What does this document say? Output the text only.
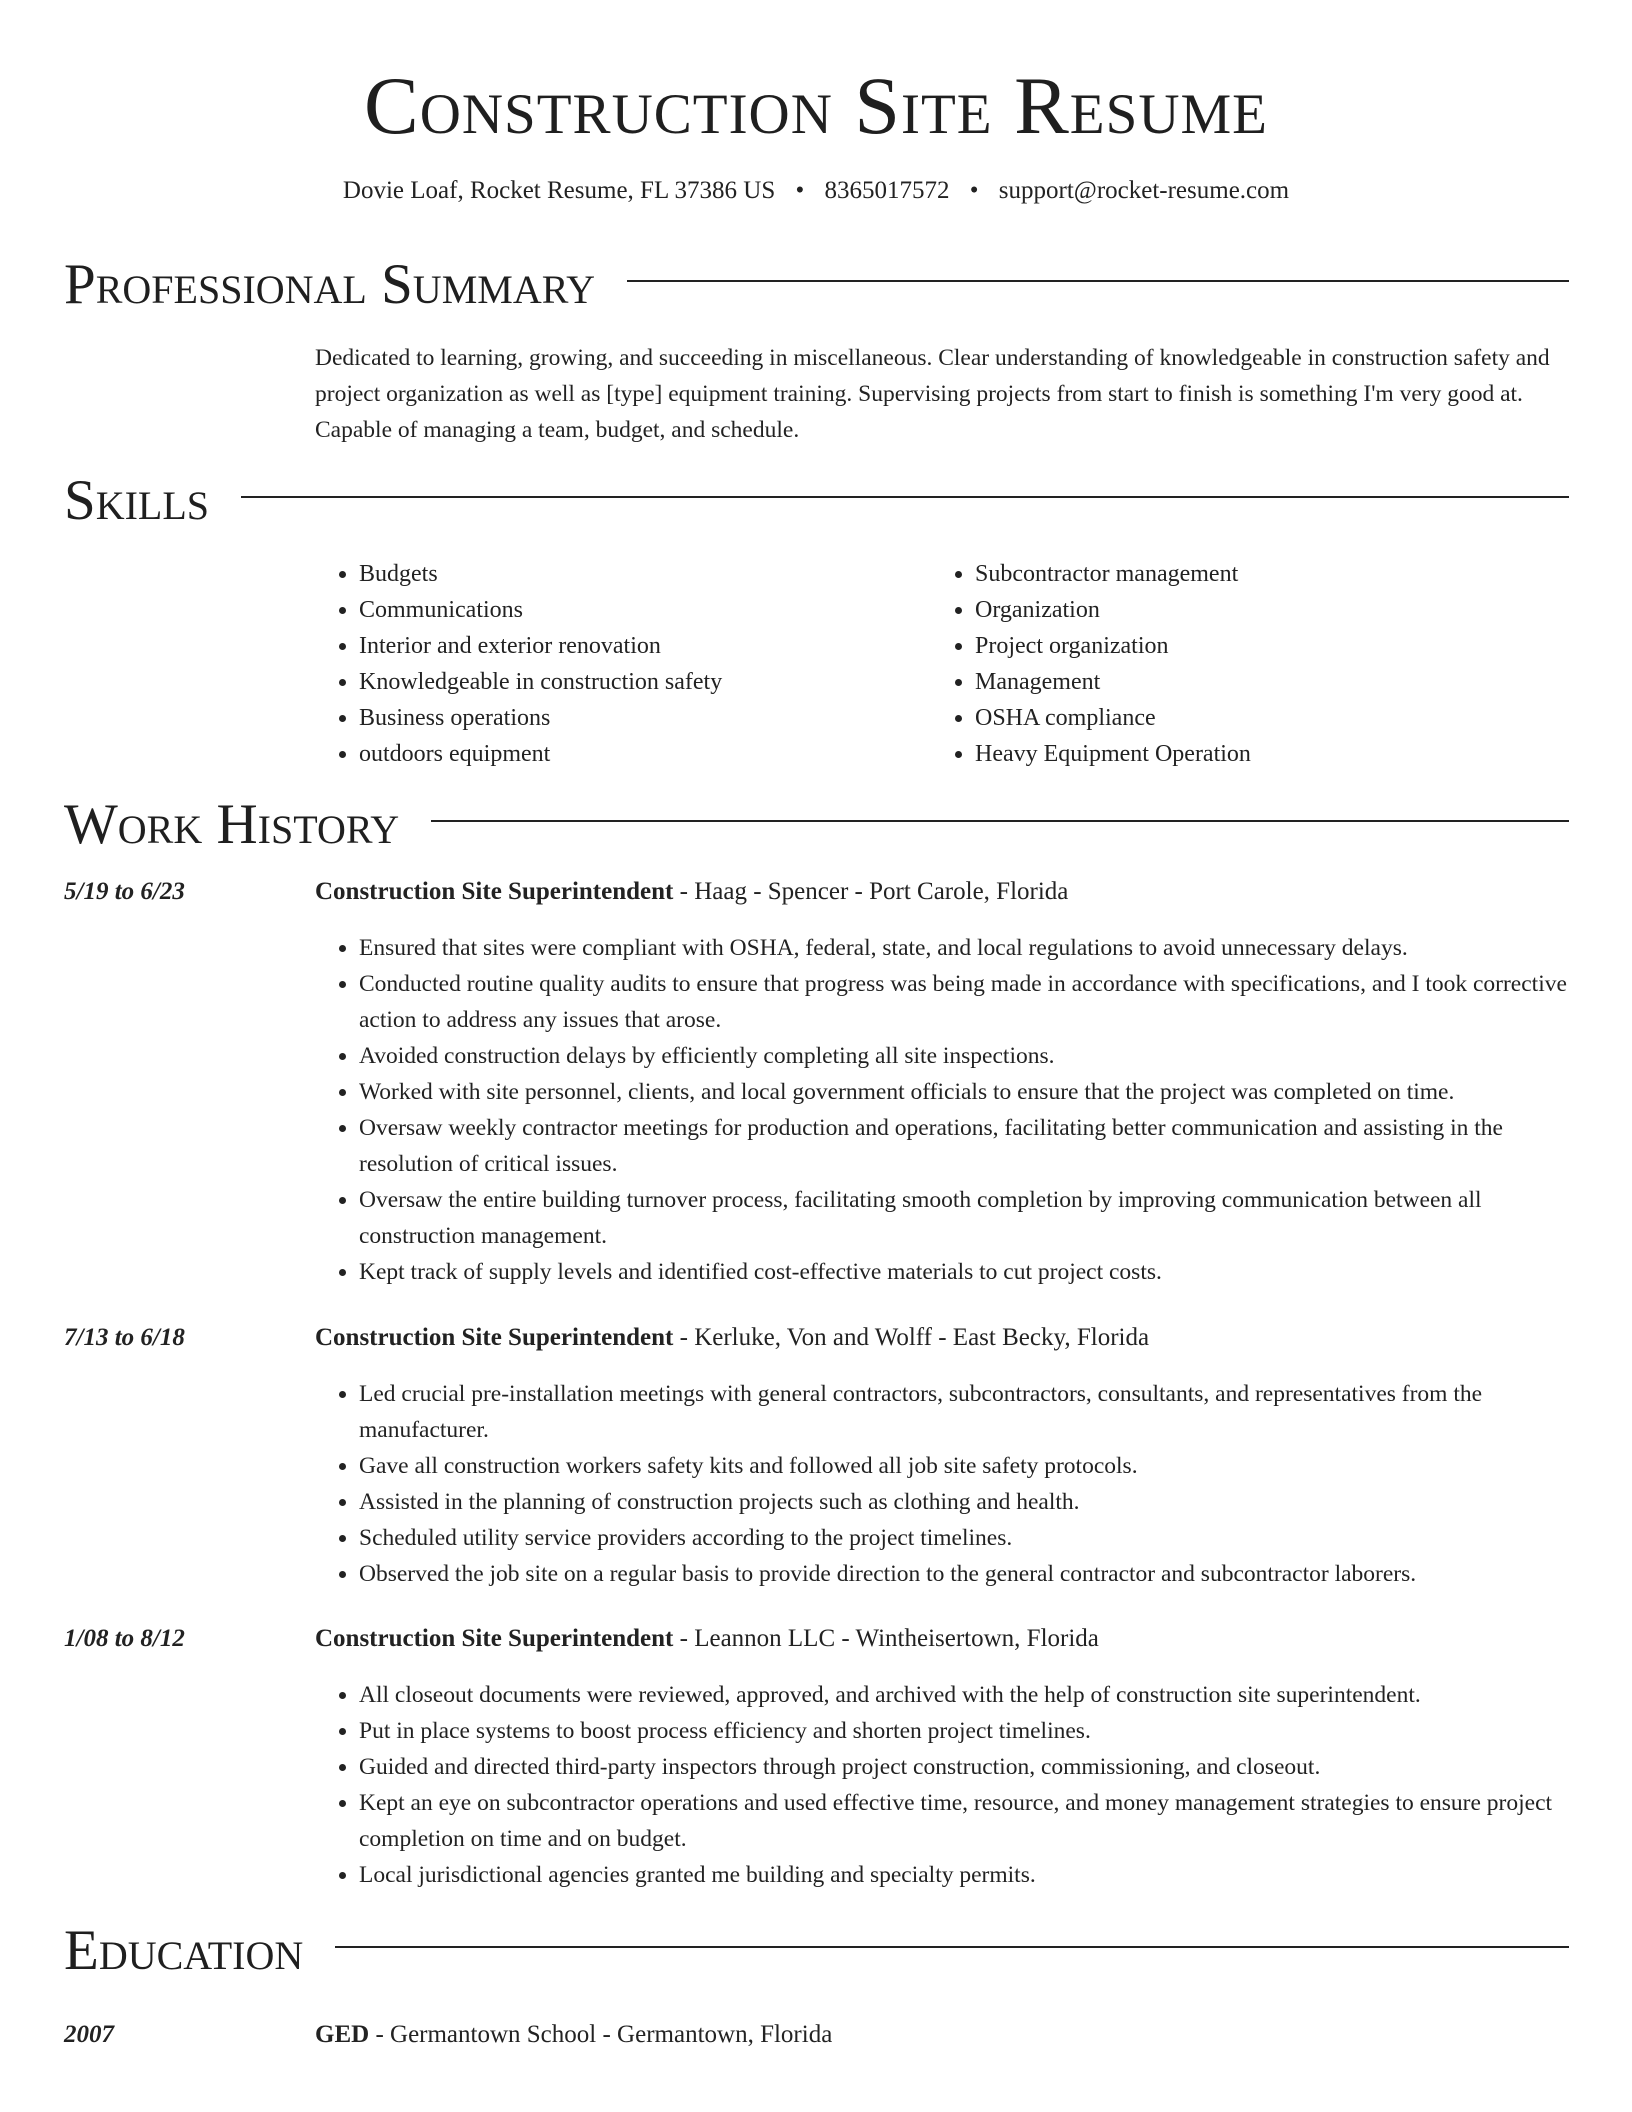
Construction Site Resume
Dovie Loaf, Rocket Resume, FL 37386 US • 8365017572 • support@rocket-resume.com
Professional Summary
Dedicated to learning, growing, and succeeding in miscellaneous. Clear understanding of knowledgeable in construction safety and project organization as well as [type] equipment training. Supervising projects from start to finish is something I'm very good at. Capable of managing a team, budget, and schedule.
Skills
• Budgets
• Communications
• Interior and exterior renovation
• Knowledgeable in construction safety
• Business operations
• outdoors equipment
• Subcontractor management
• Organization
• Project organization
• Management
• OSHA compliance
• Heavy Equipment Operation
Work History
5/19 to 6/23	Construction Site Superintendent - Haag - Spencer - Port Carole, Florida
• Ensured that sites were compliant with OSHA, federal, state, and local regulations to avoid unnecessary delays.
• Conducted routine quality audits to ensure that progress was being made in accordance with specifications, and I took corrective action to address any issues that arose.
• Avoided construction delays by efficiently completing all site inspections.
• Worked with site personnel, clients, and local government officials to ensure that the project was completed on time.
• Oversaw weekly contractor meetings for production and operations, facilitating better communication and assisting in the resolution of critical issues.
• Oversaw the entire building turnover process, facilitating smooth completion by improving communication between all construction management.
• Kept track of supply levels and identified cost-effective materials to cut project costs.
7/13 to 6/18	Construction Site Superintendent - Kerluke, Von and Wolff - East Becky, Florida
• Led crucial pre-installation meetings with general contractors, subcontractors, consultants, and representatives from the manufacturer.
• Gave all construction workers safety kits and followed all job site safety protocols.
• Assisted in the planning of construction projects such as clothing and health.
• Scheduled utility service providers according to the project timelines.
• Observed the job site on a regular basis to provide direction to the general contractor and subcontractor laborers.
1/08 to 8/12	Construction Site Superintendent - Leannon LLC - Wintheisertown, Florida
• All closeout documents were reviewed, approved, and archived with the help of construction site superintendent.
• Put in place systems to boost process efficiency and shorten project timelines.
• Guided and directed third-party inspectors through project construction, commissioning, and closeout.
• Kept an eye on subcontractor operations and used effective time, resource, and money management strategies to ensure project completion on time and on budget.
• Local jurisdictional agencies granted me building and specialty permits.
Education
2007	GED - Germantown School - Germantown, Florida
